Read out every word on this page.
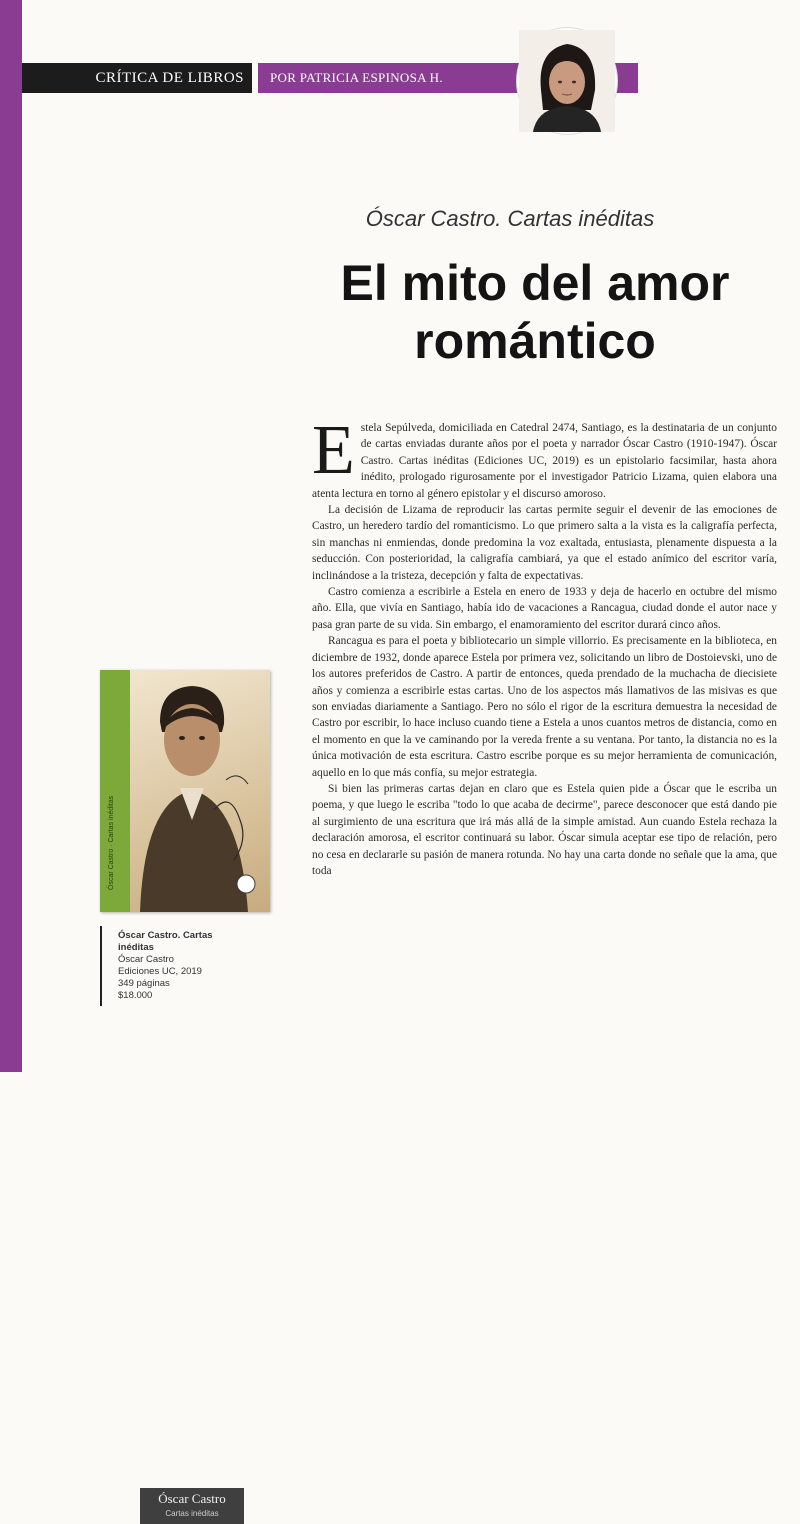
CRÍTICA DE LIBROS	POR PATRICIA ESPINOSA H.
Óscar Castro. Cartas inéditas
El mito del amor
romántico

Estela Sepúlveda, domiciliada en Catedral 2474, Santiago, es la destinataria de un conjunto de cartas enviadas durante años por el poeta y narrador Óscar Castro (1910-1947). Óscar Castro. Cartas inéditas (Ediciones UC, 2019) es un epistolario facsimilar, hasta ahora inédito, prologado rigurosamente por el investigador Patricio Lizama, quien elabora una atenta lectura en torno al género epistolar y el discurso amoroso.

La decisión de Lizama de reproducir las cartas permite seguir el devenir de las emociones de Castro, un heredero tardío del romanticismo. Lo que primero salta a la vista es la caligrafía perfecta, sin manchas ni enmiendas, donde predomina la voz exaltada, entusiasta, plenamente dispuesta a la seducción. Con posterioridad, la caligrafía cambiará, ya que el estado anímico del escritor varía, inclinándose a la tristeza, decepción y falta de expectativas.

Castro comienza a escribirle a Estela en enero de 1933 y deja de hacerlo en octubre del mismo año. Ella, que vivía en Santiago, había ido de vacaciones a Rancagua, ciudad donde el autor nace y pasa gran parte de su vida. Sin embargo, el enamoramiento del escritor durará cinco años.

Rancagua es para el poeta y bibliotecario un simple villorrio. Es precisamente en la biblioteca, en diciembre de 1932, donde aparece Estela por primera vez, solicitando un libro de Dostoievski, uno de los autores preferidos de Castro. A partir de entonces, queda prendado de la muchacha de diecisiete años y comienza a escribirle estas cartas. Uno de los aspectos más llamativos de las misivas es que son enviadas diariamente a Santiago. Pero no sólo el rigor de la escritura demuestra la necesidad de Castro por escribir, lo hace incluso cuando tiene a Estela a unos cuantos metros de distancia, como en el momento en que la ve caminando por la vereda frente a su ventana. Por tanto, la distancia no es la única motivación de esta escritura. Castro escribe porque es su mejor herramienta de comunicación, aquello en lo que más confía, su mejor estrategia.

Si bien las primeras cartas dejan en claro que es Estela quien pide a Óscar que le escriba un poema, y que luego le escriba "todo lo que acaba de decirme", parece desconocer que está dando pie al surgimiento de una escritura que irá más allá de la simple amistad. Aun cuando Estela rechaza la declaración amorosa, el escritor continuará su labor. Óscar simula aceptar ese tipo de relación, pero no cesa en declararle su pasión de manera rotunda. No hay una carta donde no señale que la ama, que toda

Óscar Castro · Cartas inéditas
Óscar Castro
Cartas inéditas
Óscar Castro. Cartas
inéditas
Óscar Castro
Ediciones UC, 2019
349 páginas
$18.000
